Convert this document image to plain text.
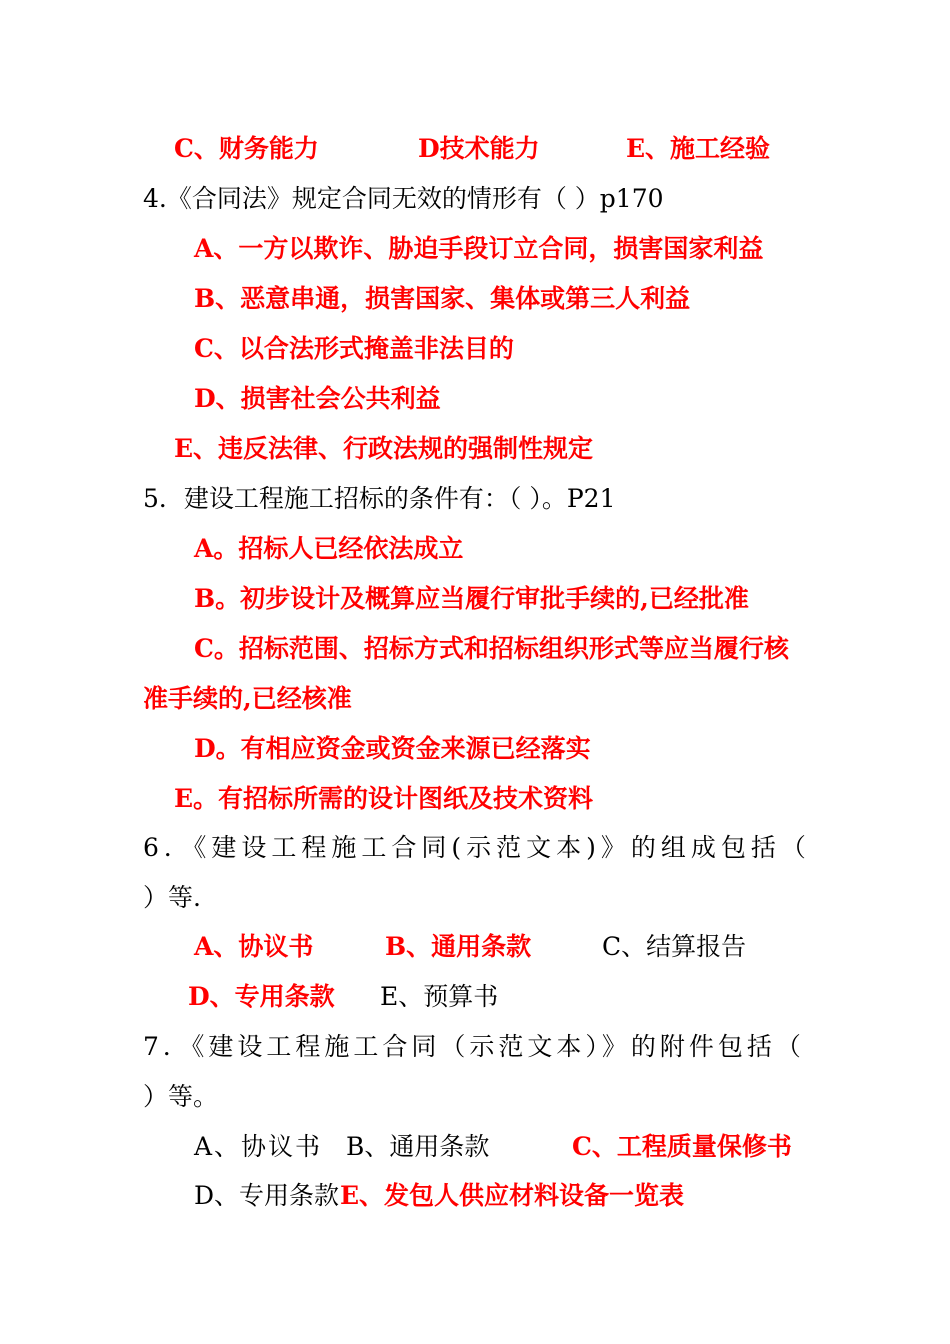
C、财务能力	D技术能力	E、施工经验
4.《合同法》规定合同无效的情形有（ ）p170
A、一方以欺诈、胁迫手段订立合同，损害国家利益
B、恶意串通，损害国家、集体或第三人利益
C、以合法形式掩盖非法目的
D、损害社会公共利益
E、违反法律、行政法规的强制性规定
5．建设工程施工招标的条件有：（ ）。P21
A。招标人已经依法成立
B。初步设计及概算应当履行审批手续的,已经批准
C。招标范围、招标方式和招标组织形式等应当履行核
准手续的,已经核准
D。有相应资金或资金来源已经落实
E。有招标所需的设计图纸及技术资料
6．《建设工程施工合同(示范文本)》的组成包括（
）等.
A、协议书	B、通用条款	C、结算报告
D、专用条款 E、预算书
7．《建设工程施工合同（示范文本）》的附件包括（
）等。
A、协议书 B、通用条款	C、工程质量保修书
D、专用条款 E、发包人供应材料设备一览表
